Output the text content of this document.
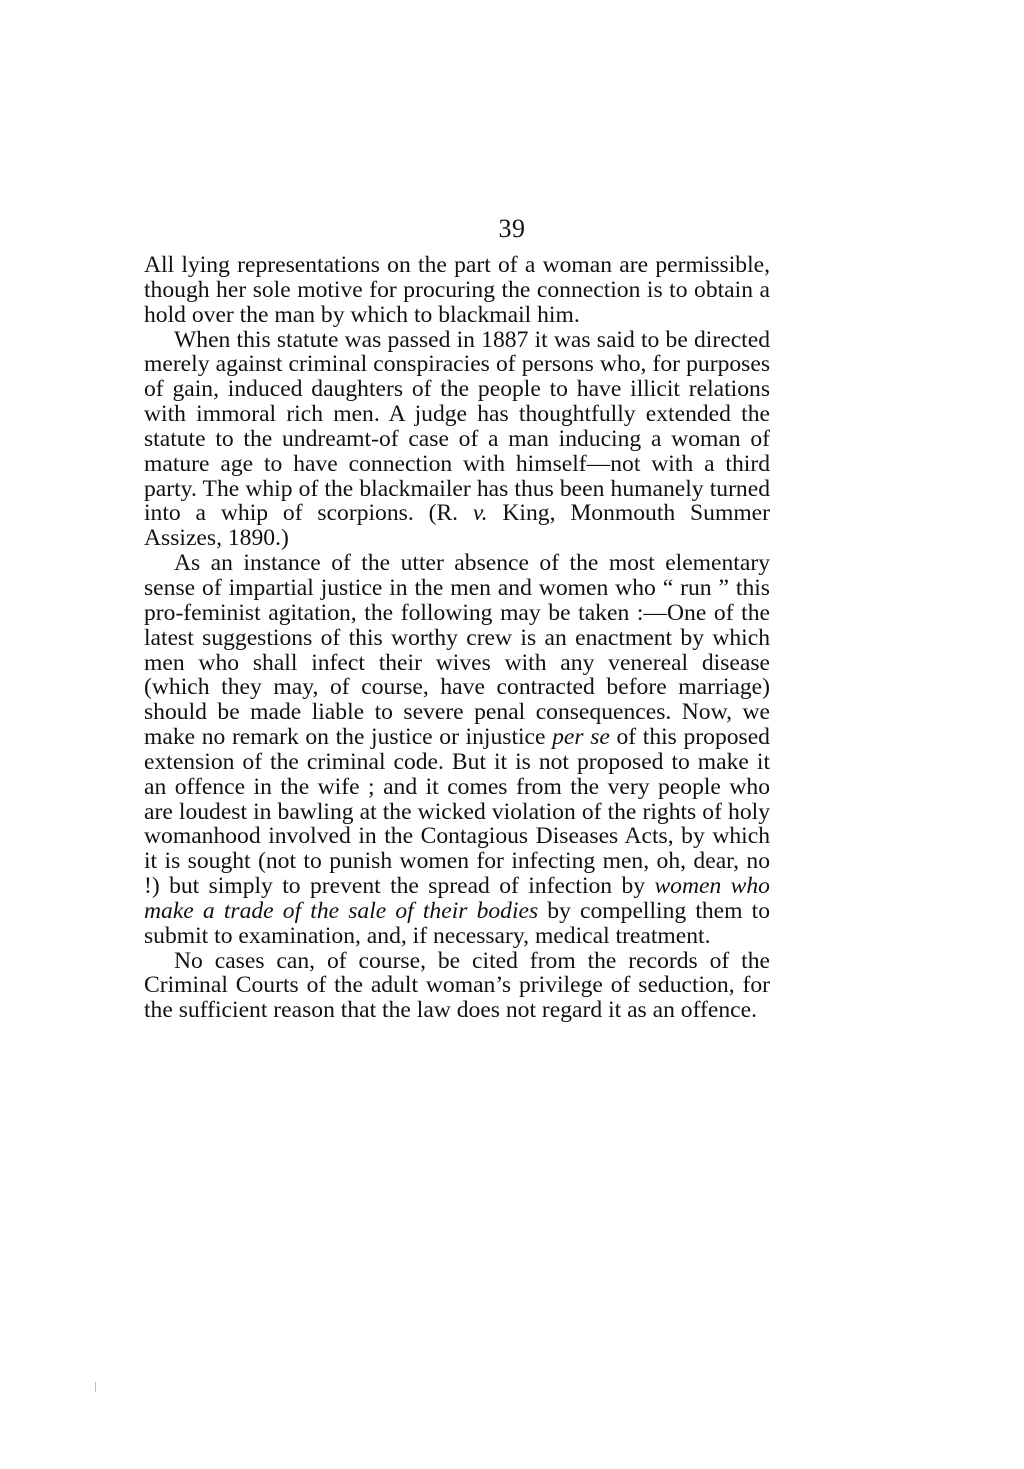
39

All lying representations on the part of a woman are permissible, though her sole motive for procuring the connection is to obtain a hold over the man by which to blackmail him.

When this statute was passed in 1887 it was said to be directed merely against criminal conspiracies of persons who, for purposes of gain, induced daughters of the people to have illicit relations with immoral rich men. A judge has thoughtfully extended the statute to the undreamt-of case of a man inducing a woman of mature age to have connection with himself—not with a third party. The whip of the blackmailer has thus been humanely turned into a whip of scorpions. (R. v. King, Monmouth Summer Assizes, 1890.)

As an instance of the utter absence of the most elementary sense of impartial justice in the men and women who “ run ” this pro-feminist agitation, the following may be taken :—One of the latest suggestions of this worthy crew is an enactment by which men who shall infect their wives with any venereal disease (which they may, of course, have contracted before marriage) should be made liable to severe penal consequences. Now, we make no remark on the justice or injustice per se of this proposed extension of the criminal code. But it is not proposed to make it an offence in the wife ; and it comes from the very people who are loudest in bawling at the wicked violation of the rights of holy womanhood involved in the Contagious Diseases Acts, by which it is sought (not to punish women for infecting men, oh, dear, no !) but simply to prevent the spread of infection by women who make a trade of the sale of their bodies by compelling them to submit to examination, and, if necessary, medical treatment.

No cases can, of course, be cited from the records of the Criminal Courts of the adult woman’s privilege of seduction, for the sufficient reason that the law does not regard it as an offence.
